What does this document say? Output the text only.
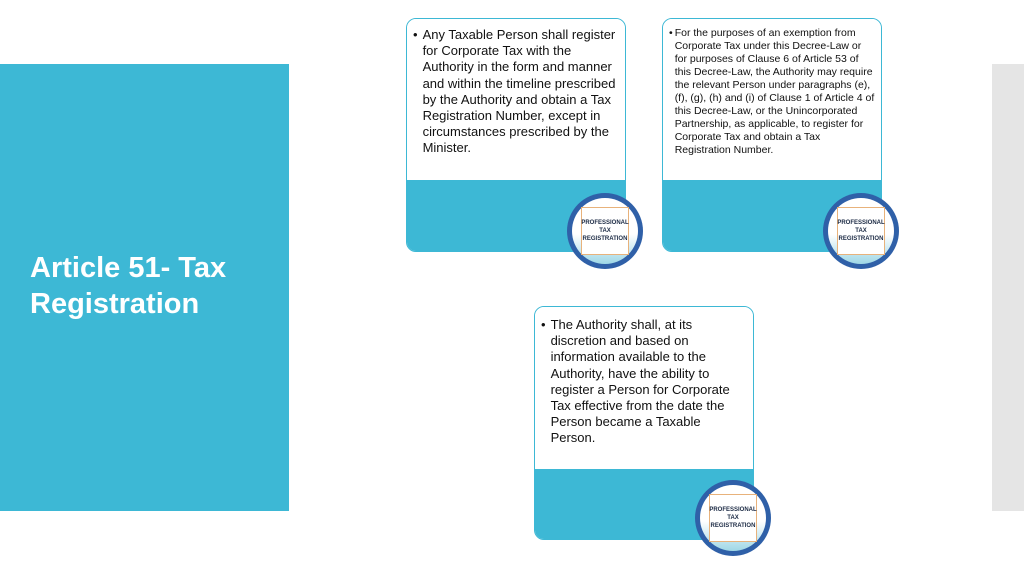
Article 51- Tax Registration
• Any Taxable Person shall register for Corporate Tax with the Authority in the form and manner and within the timeline prescribed by the Authority and obtain a Tax Registration Number, except in circumstances prescribed by the Minister.
PROFESSIONAL
TAX
REGISTRATION
• For the purposes of an exemption from Corporate Tax under this Decree-Law or for purposes of Clause 6 of Article 53 of this Decree-Law, the Authority may require the relevant Person under paragraphs (e), (f), (g), (h) and (i) of Clause 1 of Article 4 of this Decree-Law, or the Unincorporated Partnership, as applicable, to register for Corporate Tax and obtain a Tax Registration Number.
PROFESSIONAL
TAX
REGISTRATION
• The Authority shall, at its discretion and based on information available to the Authority, have the ability to register a Person for Corporate Tax effective from the date the Person became a Taxable Person.
PROFESSIONAL
TAX
REGISTRATION
